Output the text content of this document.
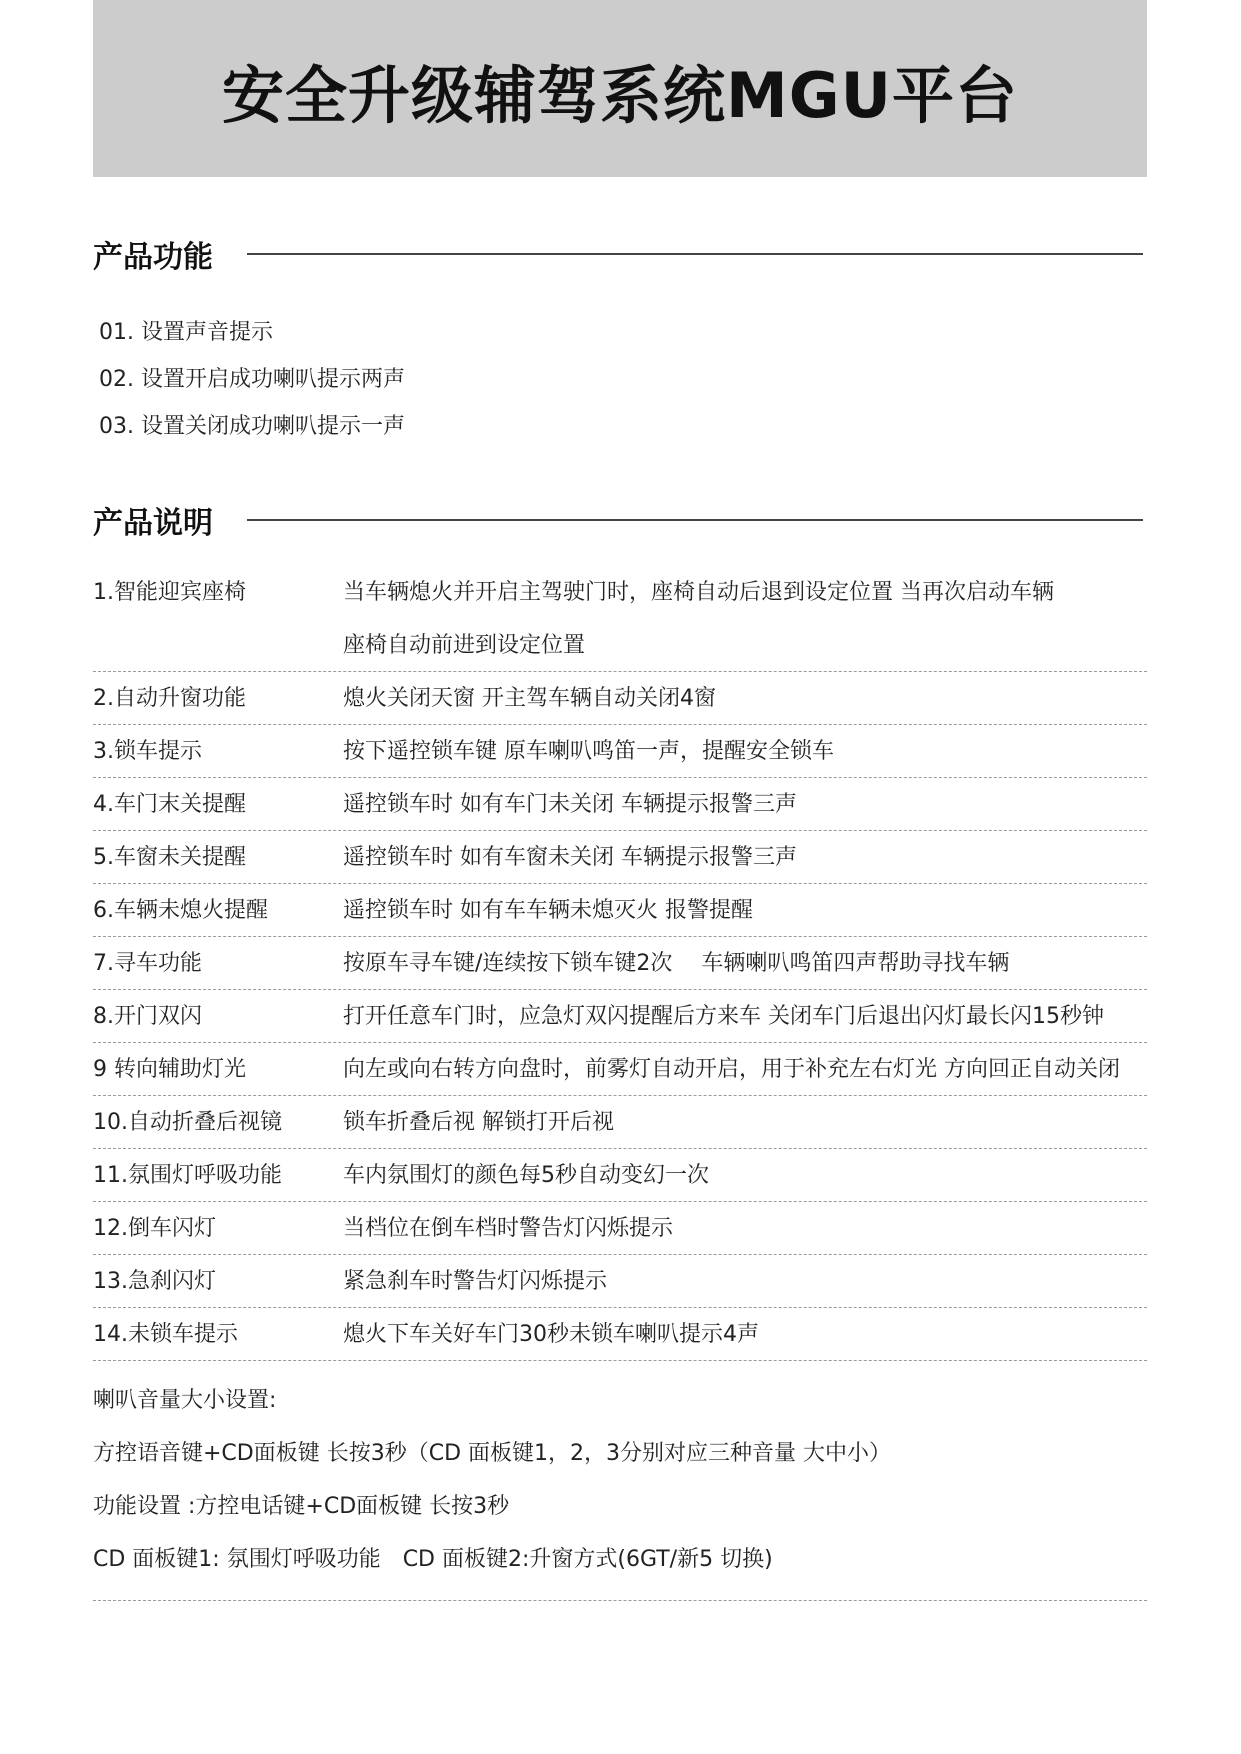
安全升级辅驾系统MGU平台
产品功能
01. 设置声音提示
02. 设置开启成功喇叭提示两声
03. 设置关闭成功喇叭提示一声
产品说明
1.智能迎宾座椅	当车辆熄火并开启主驾驶门时，座椅自动后退到设定位置 当再次启动车辆
座椅自动前进到设定位置
2.自动升窗功能	熄火关闭天窗 开主驾车辆自动关闭4窗
3.锁车提示	按下遥控锁车键 原车喇叭鸣笛一声，提醒安全锁车
4.车门末关提醒	遥控锁车时 如有车门未关闭 车辆提示报警三声
5.车窗未关提醒	遥控锁车时 如有车窗未关闭 车辆提示报警三声
6.车辆未熄火提醒	遥控锁车时 如有车车辆未熄灭火 报警提醒
7.寻车功能	按原车寻车键/连续按下锁车键2次　 车辆喇叭鸣笛四声帮助寻找车辆
8.开门双闪	打开任意车门时，应急灯双闪提醒后方来车 关闭车门后退出闪灯最长闪15秒钟
9 转向辅助灯光	向左或向右转方向盘时，前雾灯自动开启，用于补充左右灯光 方向回正自动关闭
10.自动折叠后视镜	锁车折叠后视 解锁打开后视
11.氛围灯呼吸功能	车内氛围灯的颜色每5秒自动变幻一次
12.倒车闪灯	当档位在倒车档时警告灯闪烁提示
13.急刹闪灯	紧急刹车时警告灯闪烁提示
14.未锁车提示	熄火下车关好车门30秒未锁车喇叭提示4声

喇叭音量大小设置:

方控语音键+CD面板键 长按3秒（CD 面板键1，2，3分别对应三种音量 大中小）

功能设置 :方控电话键+CD面板键 长按3秒

CD 面板键1: 氛围灯呼吸功能　CD 面板键2:升窗方式(6GT/新5 切换)
